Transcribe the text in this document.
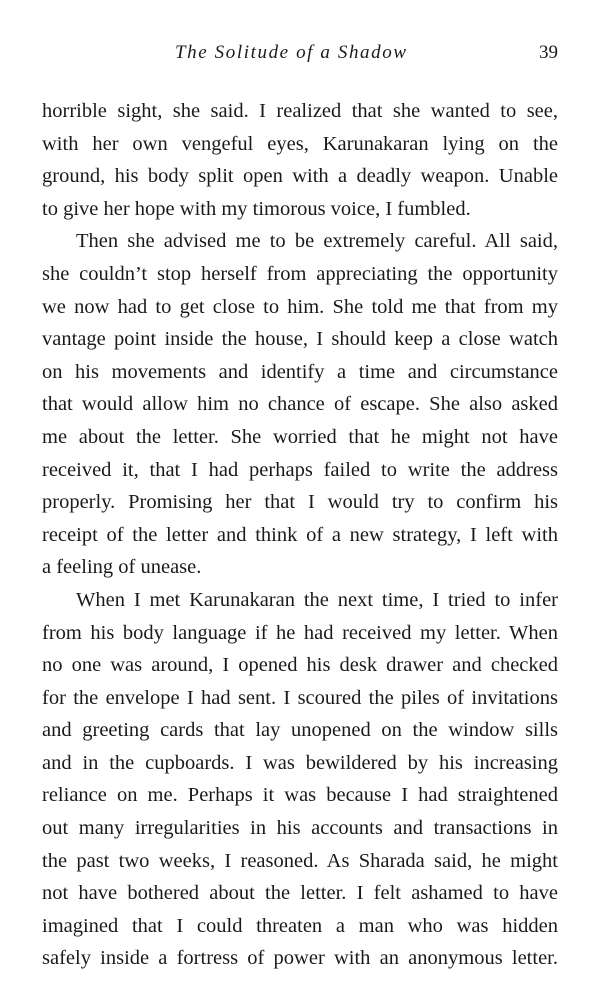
The Solitude of a Shadow	39
horrible sight, she said. I realized that she wanted to see,
with her own vengeful eyes, Karunakaran lying on the
ground, his body split open with a deadly weapon. Unable
to give her hope with my timorous voice, I fumbled.
Then she advised me to be extremely careful. All said,
she couldn’t stop herself from appreciating the opportunity
we now had to get close to him. She told me that from my
vantage point inside the house, I should keep a close watch
on his movements and identify a time and circumstance
that would allow him no chance of escape. She also asked
me about the letter. She worried that he might not have
received it, that I had perhaps failed to write the address
properly. Promising her that I would try to confirm his
receipt of the letter and think of a new strategy, I left with
a feeling of unease.
When I met Karunakaran the next time, I tried to infer
from his body language if he had received my letter. When
no one was around, I opened his desk drawer and checked
for the envelope I had sent. I scoured the piles of invitations
and greeting cards that lay unopened on the window sills
and in the cupboards. I was bewildered by his increasing
reliance on me. Perhaps it was because I had straightened
out many irregularities in his accounts and transactions in
the past two weeks, I reasoned. As Sharada said, he might
not have bothered about the letter. I felt ashamed to have
imagined that I could threaten a man who was hidden
safely inside a fortress of power with an anonymous letter.
